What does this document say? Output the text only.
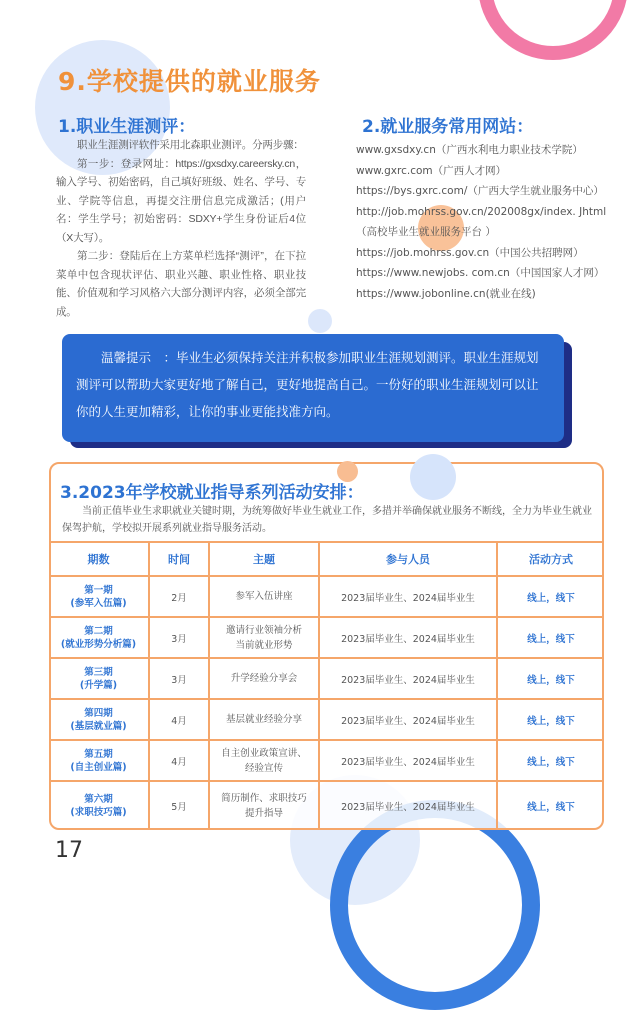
9.学校提供的就业服务
1.职业生涯测评：

职业生涯测评软件采用北森职业测评。分两步骤：

第一步：登录网址：https://gxsdxy.careersky.cn，输入学号、初始密码，自己填好班级、姓名、学号、专业、学院等信息，再提交注册信息完成激活；(用户名：学生学号；初始密码：SDXY+学生身份证后4位（X大写）。

第二步：登陆后在上方菜单栏选择“测评”，在下拉菜单中包含现状评估、职业兴趣、职业性格、职业技能、价值观和学习风格六大部分测评内容，必须全部完成。

2.就业服务常用网站：
www.gxsdxy.cn（广西水利电力职业技术学院）
www.gxrc.com（广西人才网）
https://bys.gxrc.com/（广西大学生就业服务中心）
http://job.mohrss.gov.cn/202008gx/index. Jhtml
（高校毕业生就业服务平台 ）
https://job.mohrss.gov.cn（中国公共招聘网）
https://www.newjobs. com.cn（中国国家人才网）
https://www.jobonline.cn(就业在线)
温馨提示　：毕业生必须保持关注并积极参加职业生涯规划测评。职业生涯规划测评可以帮助大家更好地了解自己，更好地提高自己。一份好的职业生涯规划可以让你的人生更加精彩，让你的事业更能找准方向。
3.2023年学校就业指导系列活动安排：
当前正值毕业生求职就业关键时期，为统筹做好毕业生就业工作，多措并举确保就业服务不断线，全力为毕业生就业保驾护航，学校拟开展系列就业指导服务活动。
期数	时间	主题	参与人员	活动方式
第一期
(参军入伍篇)	2月	参军入伍讲座	2023届毕业生、2024届毕业生	线上，线下
第二期
(就业形势分析篇)	3月	邀请行业领袖分析
当前就业形势	2023届毕业生、2024届毕业生	线上，线下
第三期
(升学篇)	3月	升学经验分享会	2023届毕业生、2024届毕业生	线上，线下
第四期
(基层就业篇)	4月	基层就业经验分享	2023届毕业生、2024届毕业生	线上，线下
第五期
(自主创业篇)	4月	自主创业政策宣讲、
经验宣传	2023届毕业生、2024届毕业生	线上，线下
第六期
(求职技巧篇)	5月	简历制作、求职技巧
提升指导	2023届毕业生、2024届毕业生	线上，线下
17
